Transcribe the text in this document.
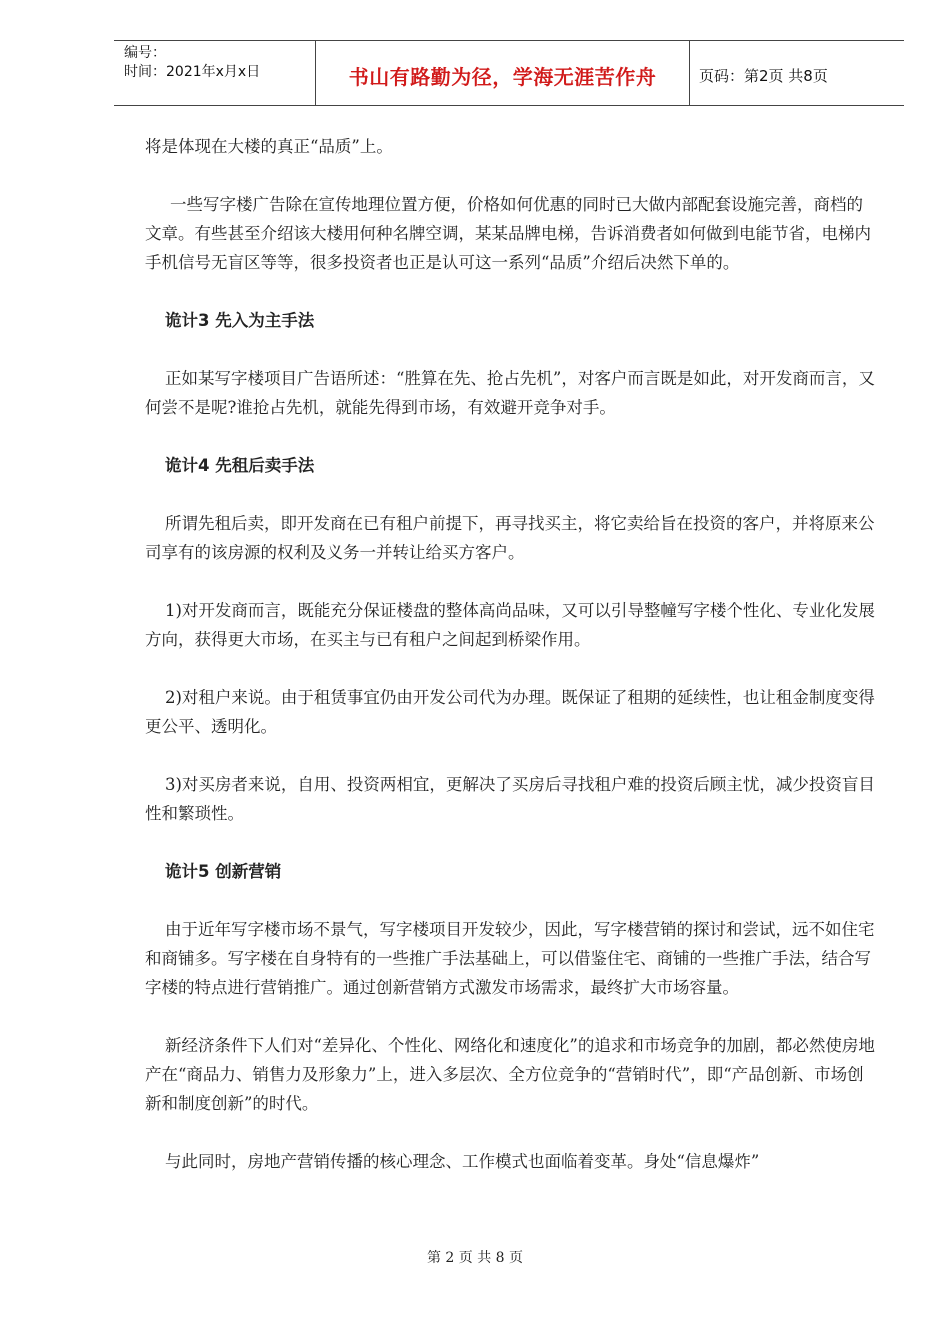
编号：
时间：2021年x月x日	书山有路勤为径，学海无涯苦作舟	页码：第2页 共8页

将是体现在大楼的真正“品质”上。

一些写字楼广告除在宣传地理位置方便，价格如何优惠的同时已大做内部配套设施完善，商档的文章。有些甚至介绍该大楼用何种名牌空调，某某品牌电梯，告诉消费者如何做到电能节省，电梯内手机信号无盲区等等，很多投资者也正是认可这一系列“品质”介绍后决然下单的。

诡计3 先入为主手法

正如某写字楼项目广告语所述：“胜算在先、抢占先机”，对客户而言既是如此，对开发商而言，又何尝不是呢?谁抢占先机，就能先得到市场，有效避开竞争对手。

诡计4 先租后卖手法

所谓先租后卖，即开发商在已有租户前提下，再寻找买主，将它卖给旨在投资的客户，并将原来公司享有的该房源的权利及义务一并转让给买方客户。

1)对开发商而言，既能充分保证楼盘的整体高尚品味，又可以引导整幢写字楼个性化、专业化发展方向，获得更大市场，在买主与已有租户之间起到桥梁作用。

2)对租户来说。由于租赁事宜仍由开发公司代为办理。既保证了租期的延续性，也让租金制度变得更公平、透明化。

3)对买房者来说，自用、投资两相宜，更解决了买房后寻找租户难的投资后顾主忧，减少投资盲目性和繁琐性。

诡计5 创新营销

由于近年写字楼市场不景气，写字楼项目开发较少，因此，写字楼营销的探讨和尝试，远不如住宅和商铺多。写字楼在自身特有的一些推广手法基础上，可以借鉴住宅、商铺的一些推广手法，结合写字楼的特点进行营销推广。通过创新营销方式激发市场需求，最终扩大市场容量。

新经济条件下人们对“差异化、个性化、网络化和速度化”的追求和市场竞争的加剧，都必然使房地产在“商品力、销售力及形象力”上，进入多层次、全方位竞争的“营销时代”，即“产品创新、市场创新和制度创新”的时代。

与此同时，房地产营销传播的核心理念、工作模式也面临着变革。身处“信息爆炸”

第 2 页 共 8 页
